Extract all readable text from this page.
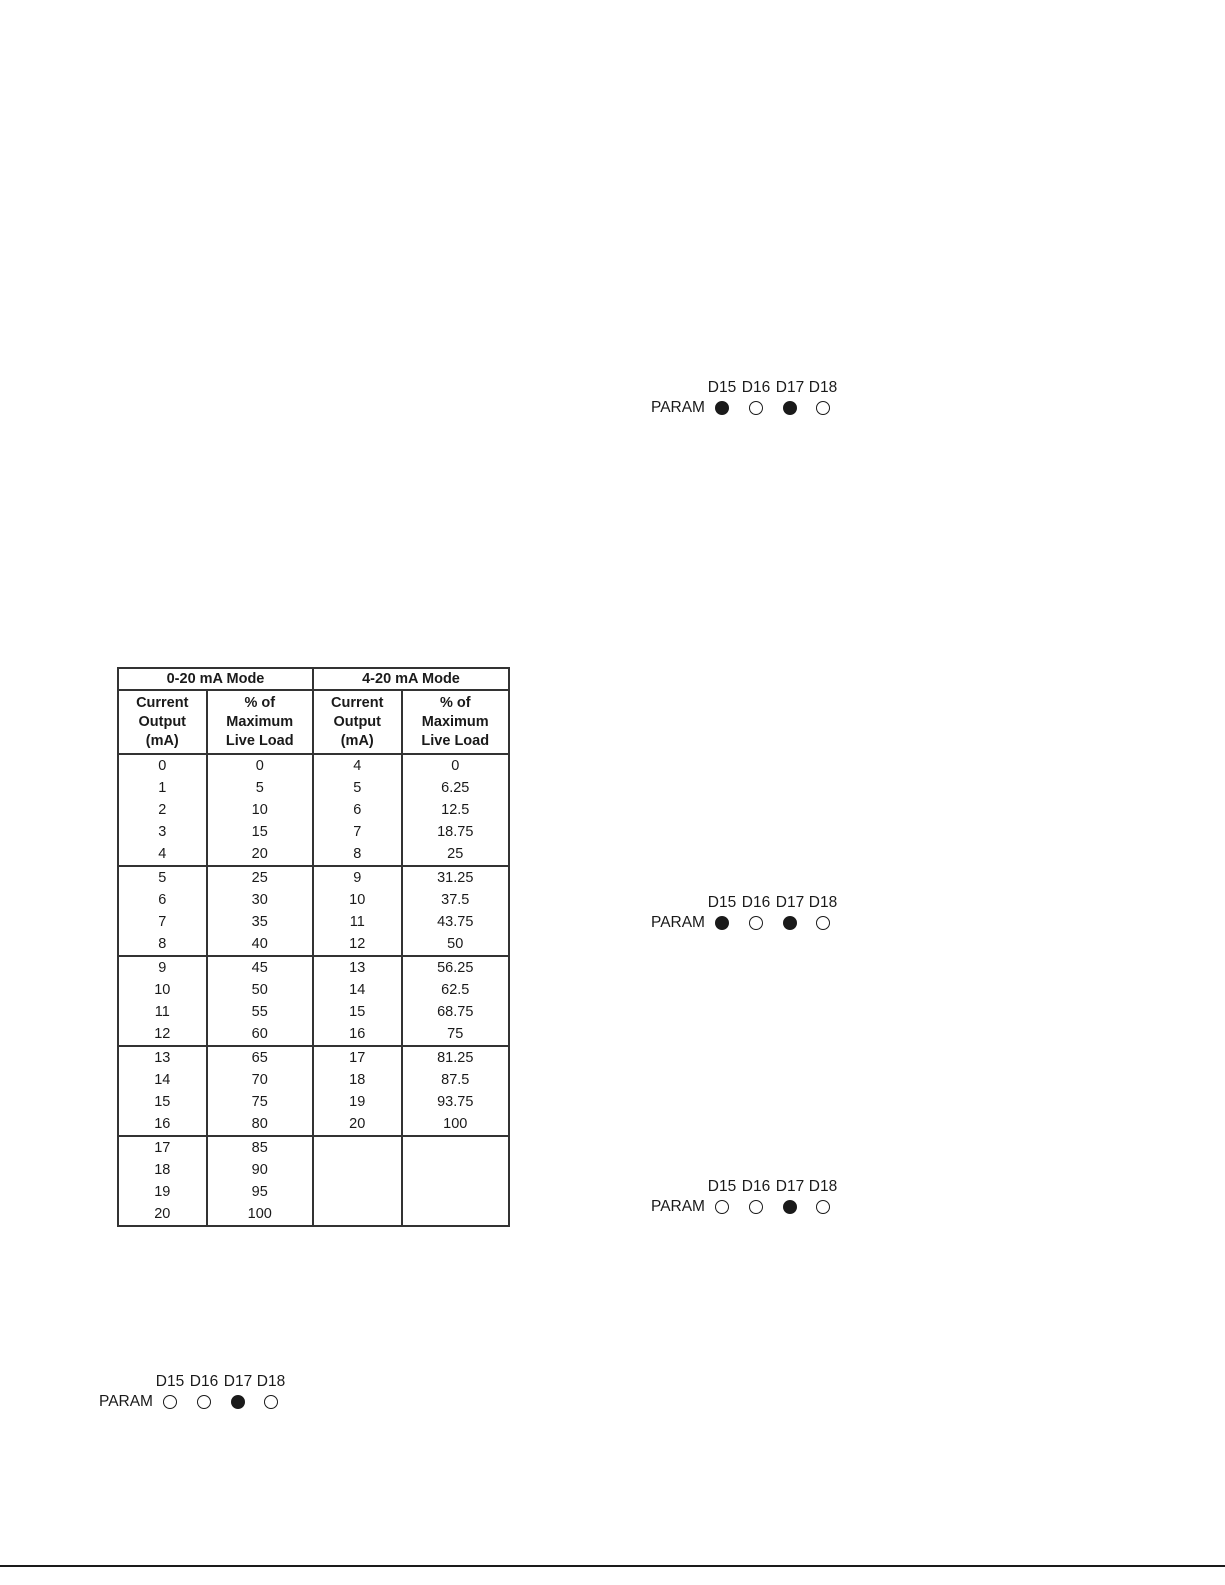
D15 D16 D17 D18
PARAM
D15 D16 D17 D18
PARAM
D15 D16 D17 D18
PARAM
D15 D16 D17 D18
PARAM
0-20 mA Mode		4-20 mA Mode	
Current
Output
(mA)	% of
Maximum
Live Load	Current
Output
(mA)	% of
Maximum
Live Load
0	0	4	0
1	5	5	6.25
2	10	6	12.5
3	15	7	18.75
4	20	8	25
5	25	9	31.25
6	30	10	37.5
7	35	11	43.75
8	40	12	50
9	45	13	56.25
10	50	14	62.5
11	55	15	68.75
12	60	16	75
13	65	17	81.25
14	70	18	87.5
15	75	19	93.75
16	80	20	100
17	85		
18	90		
19	95		
20	100		
